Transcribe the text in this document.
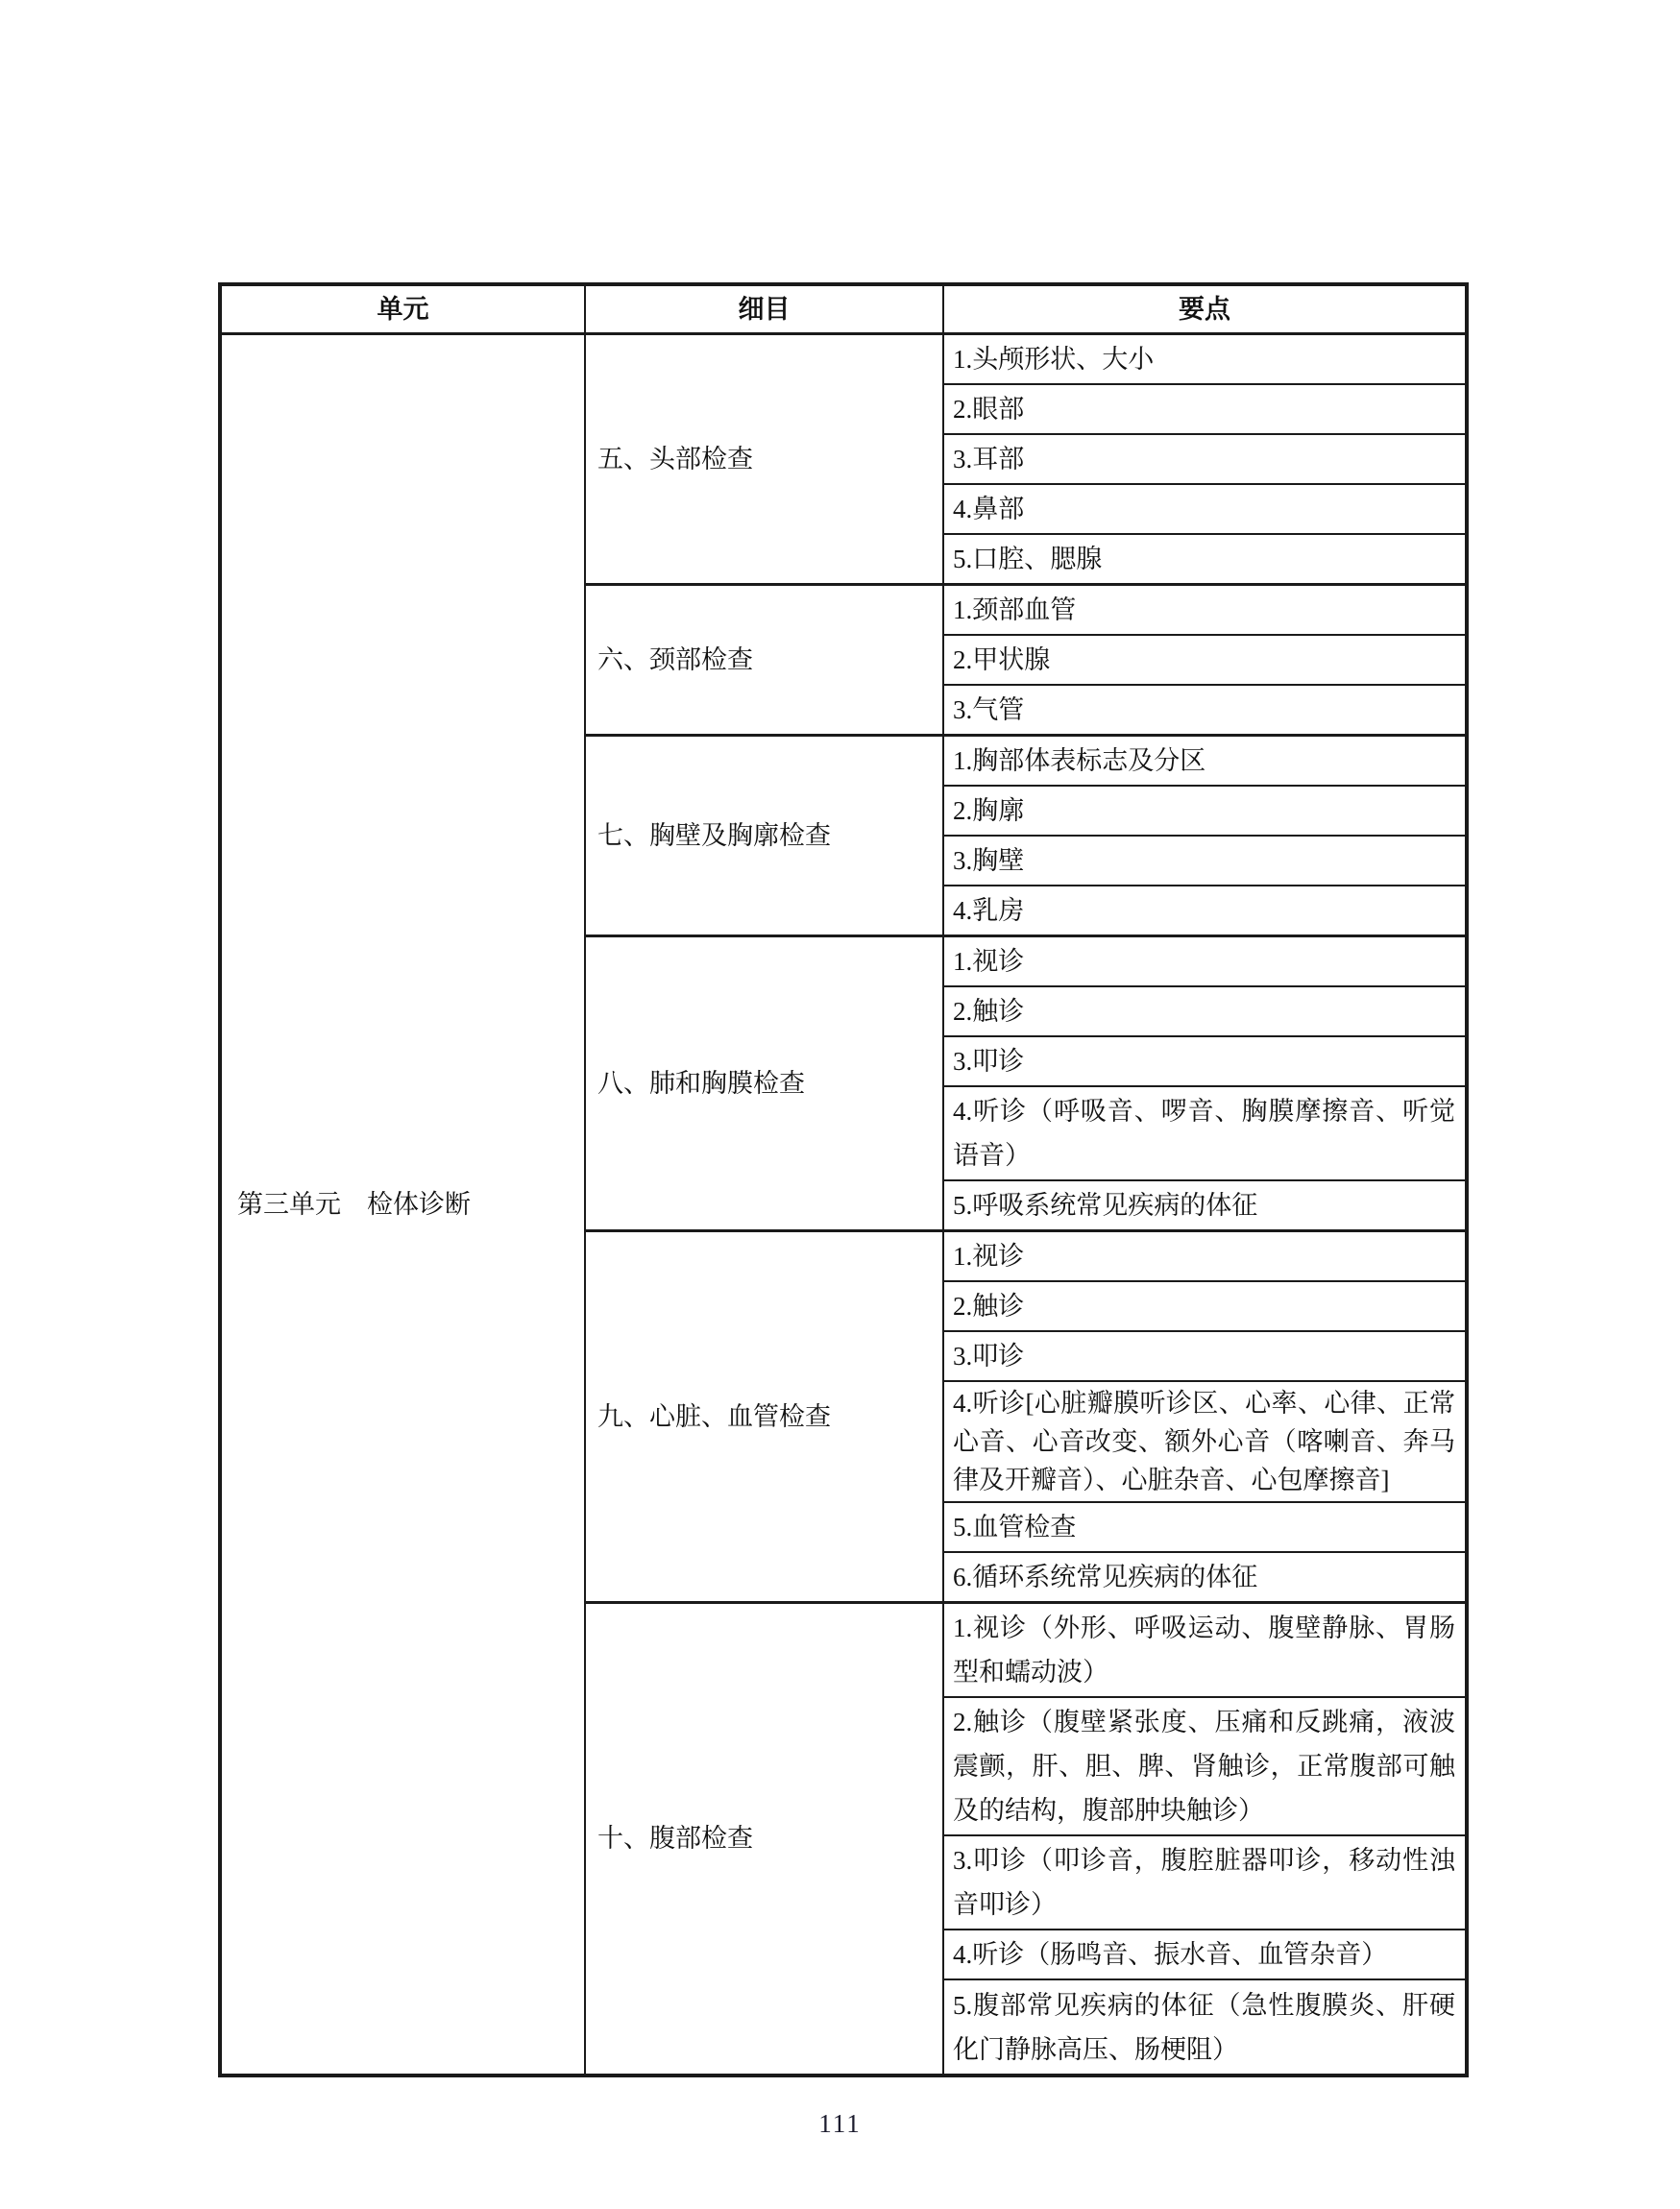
单元	细目	要点
第三单元　检体诊断	五、头部检查	1.头颅形状、大小
		2.眼部
		3.耳部
		4.鼻部
		5.口腔、腮腺
	六、颈部检查	1.颈部血管
		2.甲状腺
		3.气管
	七、胸壁及胸廓检查	1.胸部体表标志及分区
		2.胸廓
		3.胸壁
		4.乳房
	八、肺和胸膜检查	1.视诊
		2.触诊
		3.叩诊
		4.听诊（呼吸音、啰音、胸膜摩擦音、听觉语音）
		5.呼吸系统常见疾病的体征
	九、心脏、血管检查	1.视诊
		2.触诊
		3.叩诊
		4.听诊[心脏瓣膜听诊区、心率、心律、正常心音、心音改变、额外心音（喀喇音、奔马律及开瓣音）、心脏杂音、心包摩擦音]
		5.血管检查
		6.循环系统常见疾病的体征
	十、腹部检查	1.视诊（外形、呼吸运动、腹壁静脉、胃肠型和蠕动波）
		2.触诊（腹壁紧张度、压痛和反跳痛，液波震颤，肝、胆、脾、肾触诊，正常腹部可触及的结构，腹部肿块触诊）
		3.叩诊（叩诊音，腹腔脏器叩诊，移动性浊音叩诊）
		4.听诊（肠鸣音、振水音、血管杂音）
		5.腹部常见疾病的体征（急性腹膜炎、肝硬化门静脉高压、肠梗阻）
111
